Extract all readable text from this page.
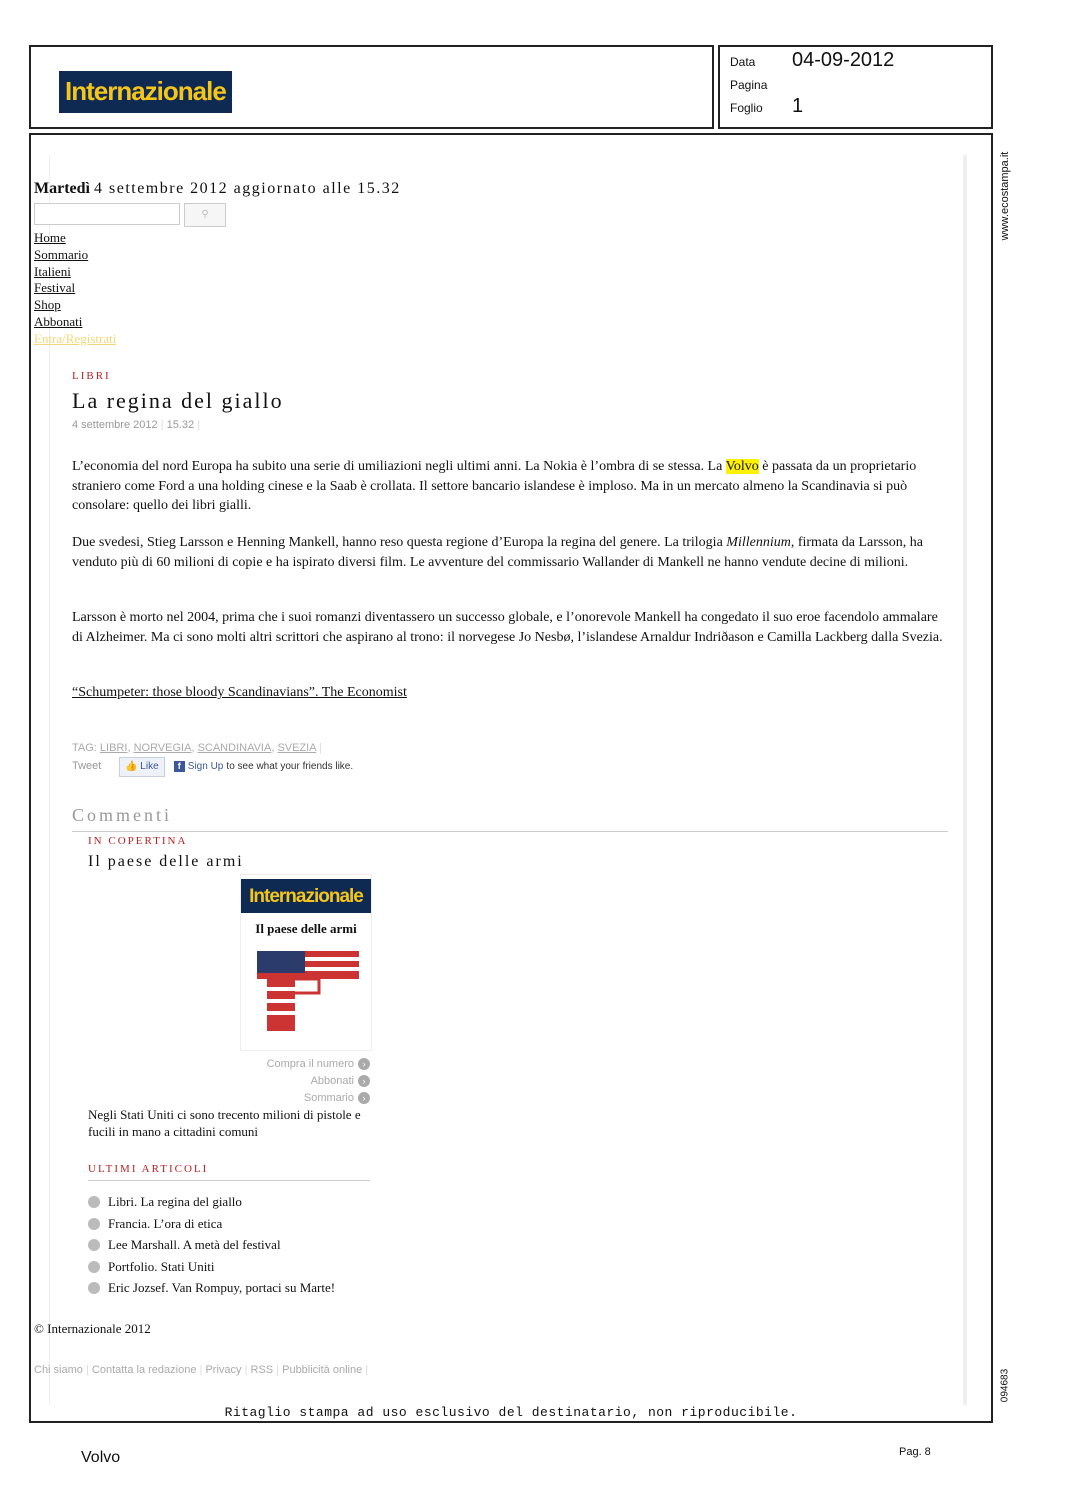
Internazionale
Data 04-09-2012
Pagina
Foglio 1
www.ecostampa.it
094683
Martedì 4 settembre 2012 aggiornato alle 15.32
⚲
Home
Sommario
Italieni
Festival
Shop
Abbonati
Entra/Registrati
LIBRI
La regina del giallo
4 settembre 2012 | 15.32 |
L’economia del nord Europa ha subito una serie di umiliazioni negli ultimi anni. La Nokia è l’ombra di se stessa. La Volvo è passata da un proprietario straniero come Ford a una holding cinese e la Saab è crollata. Il settore bancario islandese è imploso. Ma in un mercato almeno la Scandinavia si può consolare: quello dei libri gialli.
Due svedesi, Stieg Larsson e Henning Mankell, hanno reso questa regione d’Europa la regina del genere. La trilogia Millennium, firmata da Larsson, ha venduto più di 60 milioni di copie e ha ispirato diversi film. Le avventure del commissario Wallander di Mankell ne hanno vendute decine di milioni.
Larsson è morto nel 2004, prima che i suoi romanzi diventassero un successo globale, e l’onorevole Mankell ha congedato il suo eroe facendolo ammalare di Alzheimer. Ma ci sono molti altri scrittori che aspirano al trono: il norvegese Jo Nesbø, l’islandese Arnaldur Indriðason e Camilla Lackberg dalla Svezia.
“Schumpeter: those bloody Scandinavians”. The Economist
TAG: LIBRI, NORVEGIA, SCANDINAVIA, SVEZIA |
Tweet 👍 Like f Sign Up to see what your friends like.
Commenti
IN COPERTINA
Il paese delle armi
Internazionale
Il paese delle armi
Compra il numero ›
Abbonati ›
Sommario ›
Negli Stati Uniti ci sono trecento milioni di pistole e fucili in mano a cittadini comuni
ULTIMI ARTICOLI
Libri. La regina del giallo
Francia. L’ora di etica
Lee Marshall. A metà del festival
Portfolio. Stati Uniti
Eric Jozsef. Van Rompuy, portaci su Marte!
© Internazionale 2012
Chi siamo | Contatta la redazione | Privacy | RSS | Pubblicità online |
Ritaglio stampa ad uso esclusivo del destinatario, non riproducibile.
Volvo	Pag. 8
